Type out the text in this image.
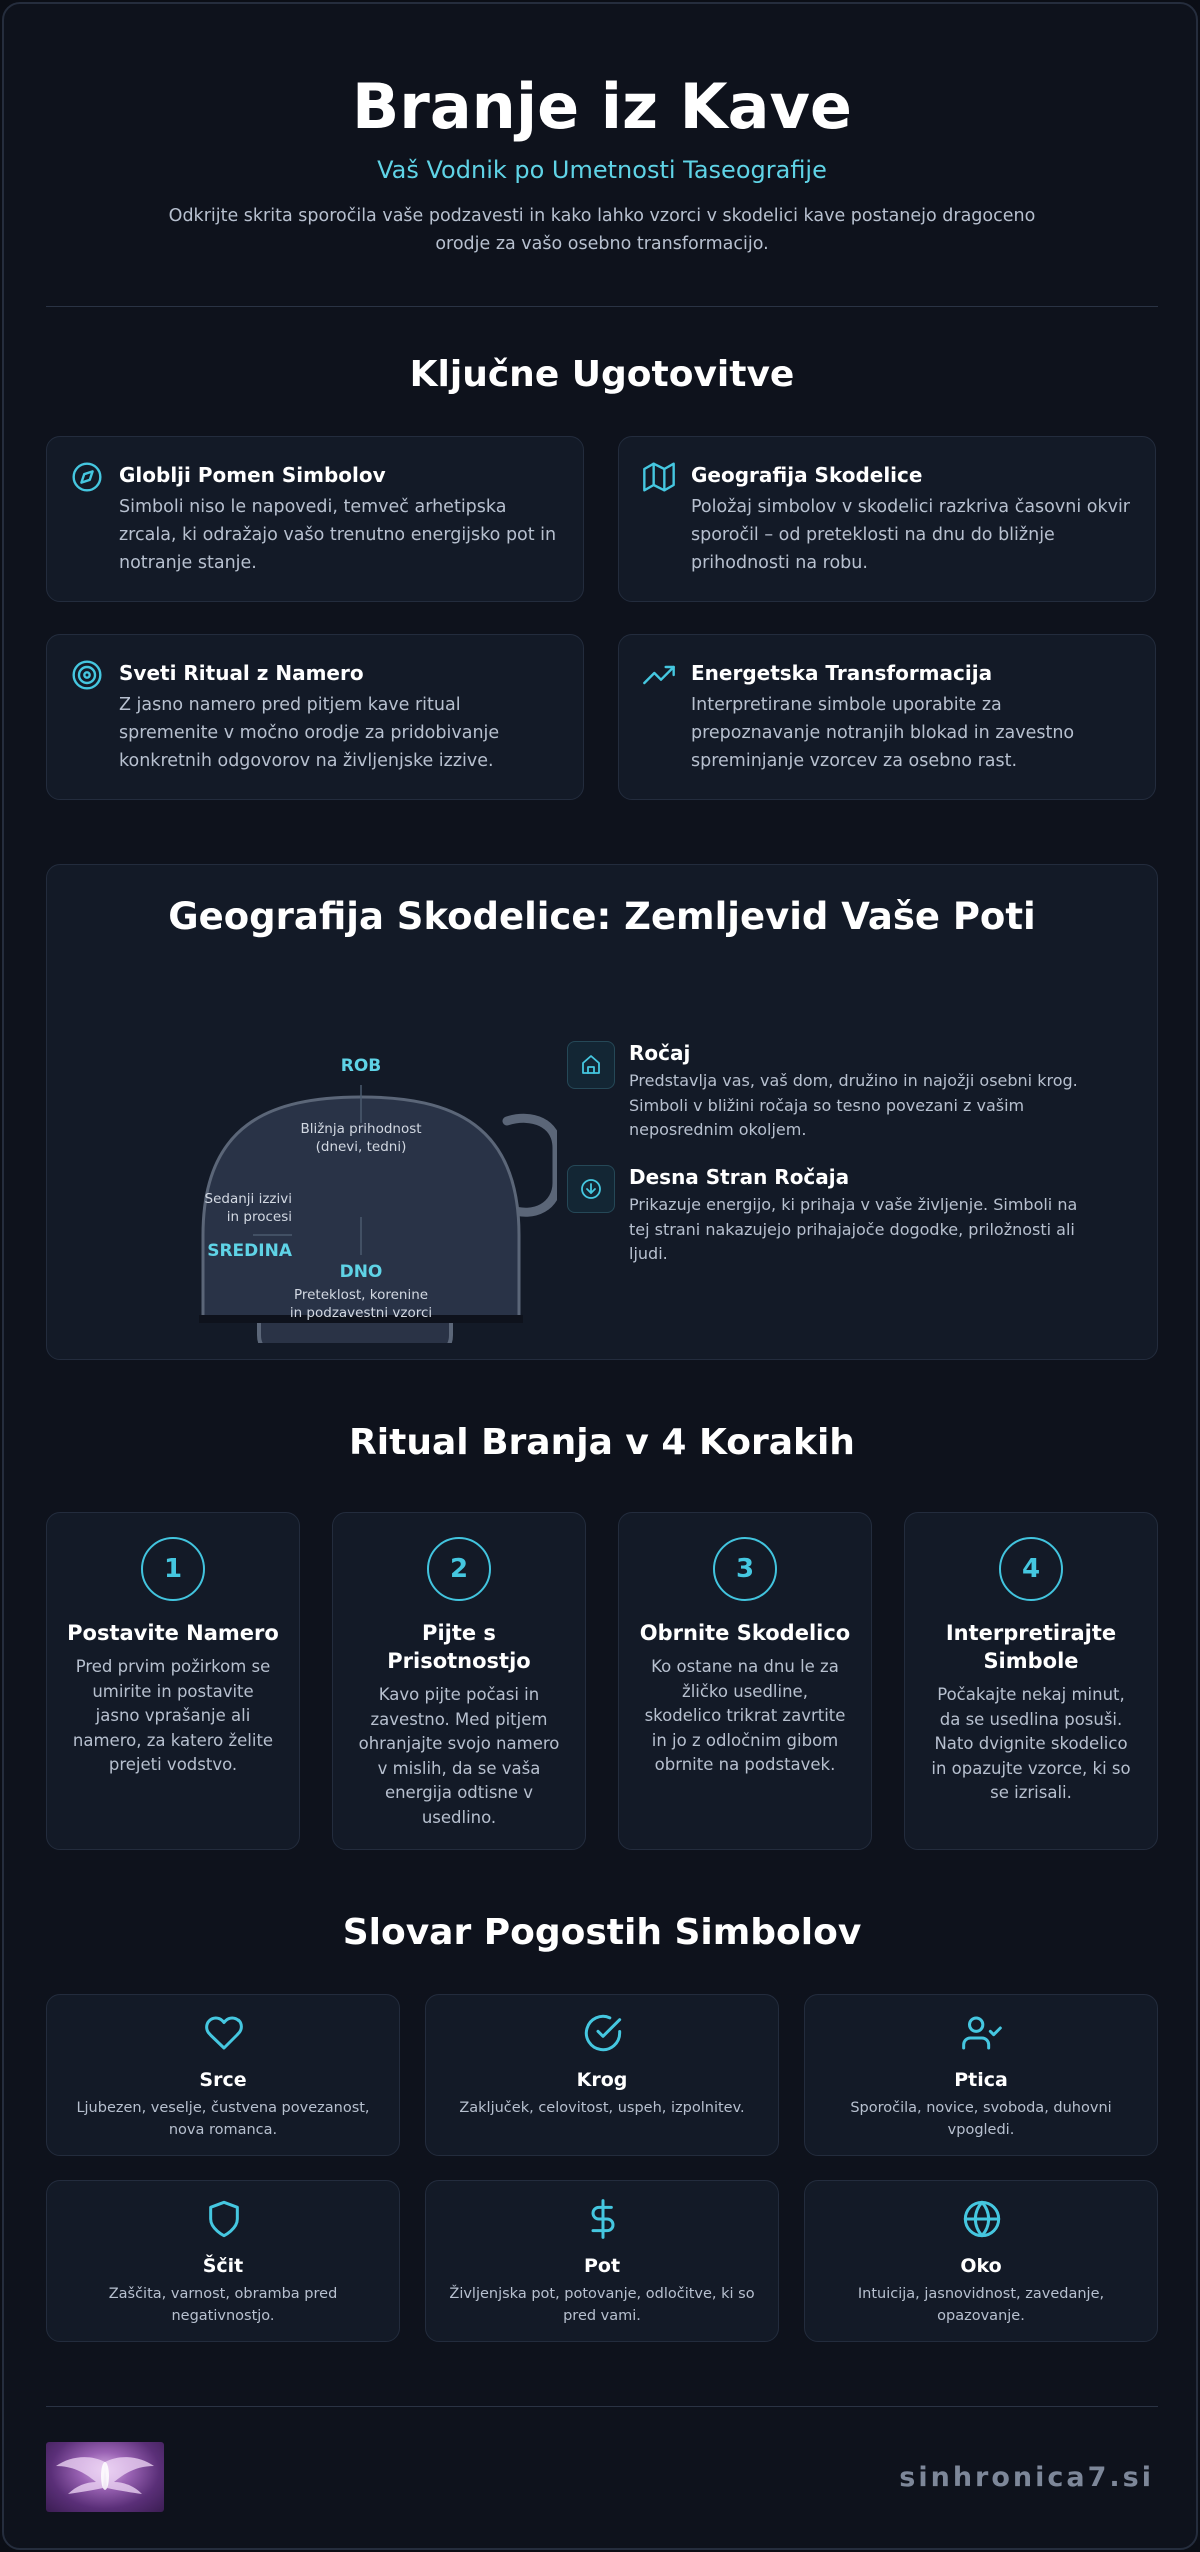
Branje iz Kave
Vaš Vodnik po Umetnosti Taseografije
Odkrijte skrita sporočila vaše podzavesti in kako lahko vzorci v skodelici kave postanejo dragoceno orodje za vašo osebno transformacijo.
Ključne Ugotovitve
Globlji Pomen Simbolov
Simboli niso le napovedi, temveč arhetipska zrcala, ki odražajo vašo trenutno energijsko pot in notranje stanje.
Geografija Skodelice
Položaj simbolov v skodelici razkriva časovni okvir sporočil – od preteklosti na dnu do bližnje prihodnosti na robu.
Sveti Ritual z Namero
Z jasno namero pred pitjem kave ritual spremenite v močno orodje za pridobivanje konkretnih odgovorov na življenjske izzive.
Energetska Transformacija
Interpretirane simbole uporabite za prepoznavanje notranjih blokad in zavestno spreminjanje vzorcev za osebno rast.
Geografija Skodelice: Zemljevid Vaše Poti
ROB
Bližnja prihodnost
(dnevi, tedni)
Sedanji izzivi
in procesi
SREDINA
DNO
Preteklost, korenine
in podzavestni vzorci
Ročaj
Predstavlja vas, vaš dom, družino in najožji osebni krog. Simboli v bližini ročaja so tesno povezani z vašim neposrednim okoljem.
Desna Stran Ročaja
Prikazuje energijo, ki prihaja v vaše življenje. Simboli na tej strani nakazujejo prihajajoče dogodke, priložnosti ali ljudi.
Ritual Branja v 4 Korakih
1
Postavite Namero
Pred prvim požirkom se umirite in postavite jasno vprašanje ali namero, za katero želite prejeti vodstvo.
2
Pijte s
Prisotnostjo
Kavo pijte počasi in zavestno. Med pitjem ohranjajte svojo namero v mislih, da se vaša energija odtisne v usedlino.
3
Obrnite Skodelico
Ko ostane na dnu le za žličko usedline, skodelico trikrat zavrtite in jo z odločnim gibom obrnite na podstavek.
4
Interpretirajte
Simbole
Počakajte nekaj minut, da se usedlina posuši. Nato dvignite skodelico in opazujte vzorce, ki so se izrisali.
Slovar Pogostih Simbolov
Srce
Ljubezen, veselje, čustvena povezanost, nova romanca.
Krog
Zaključek, celovitost, uspeh, izpolnitev.
Ptica
Sporočila, novice, svoboda, duhovni vpogledi.
Ščit
Zaščita, varnost, obramba pred negativnostjo.
Pot
Življenjska pot, potovanje, odločitve, ki so pred vami.
Oko
Intuicija, jasnovidnost, zavedanje, opazovanje.
sinhronica7.si
